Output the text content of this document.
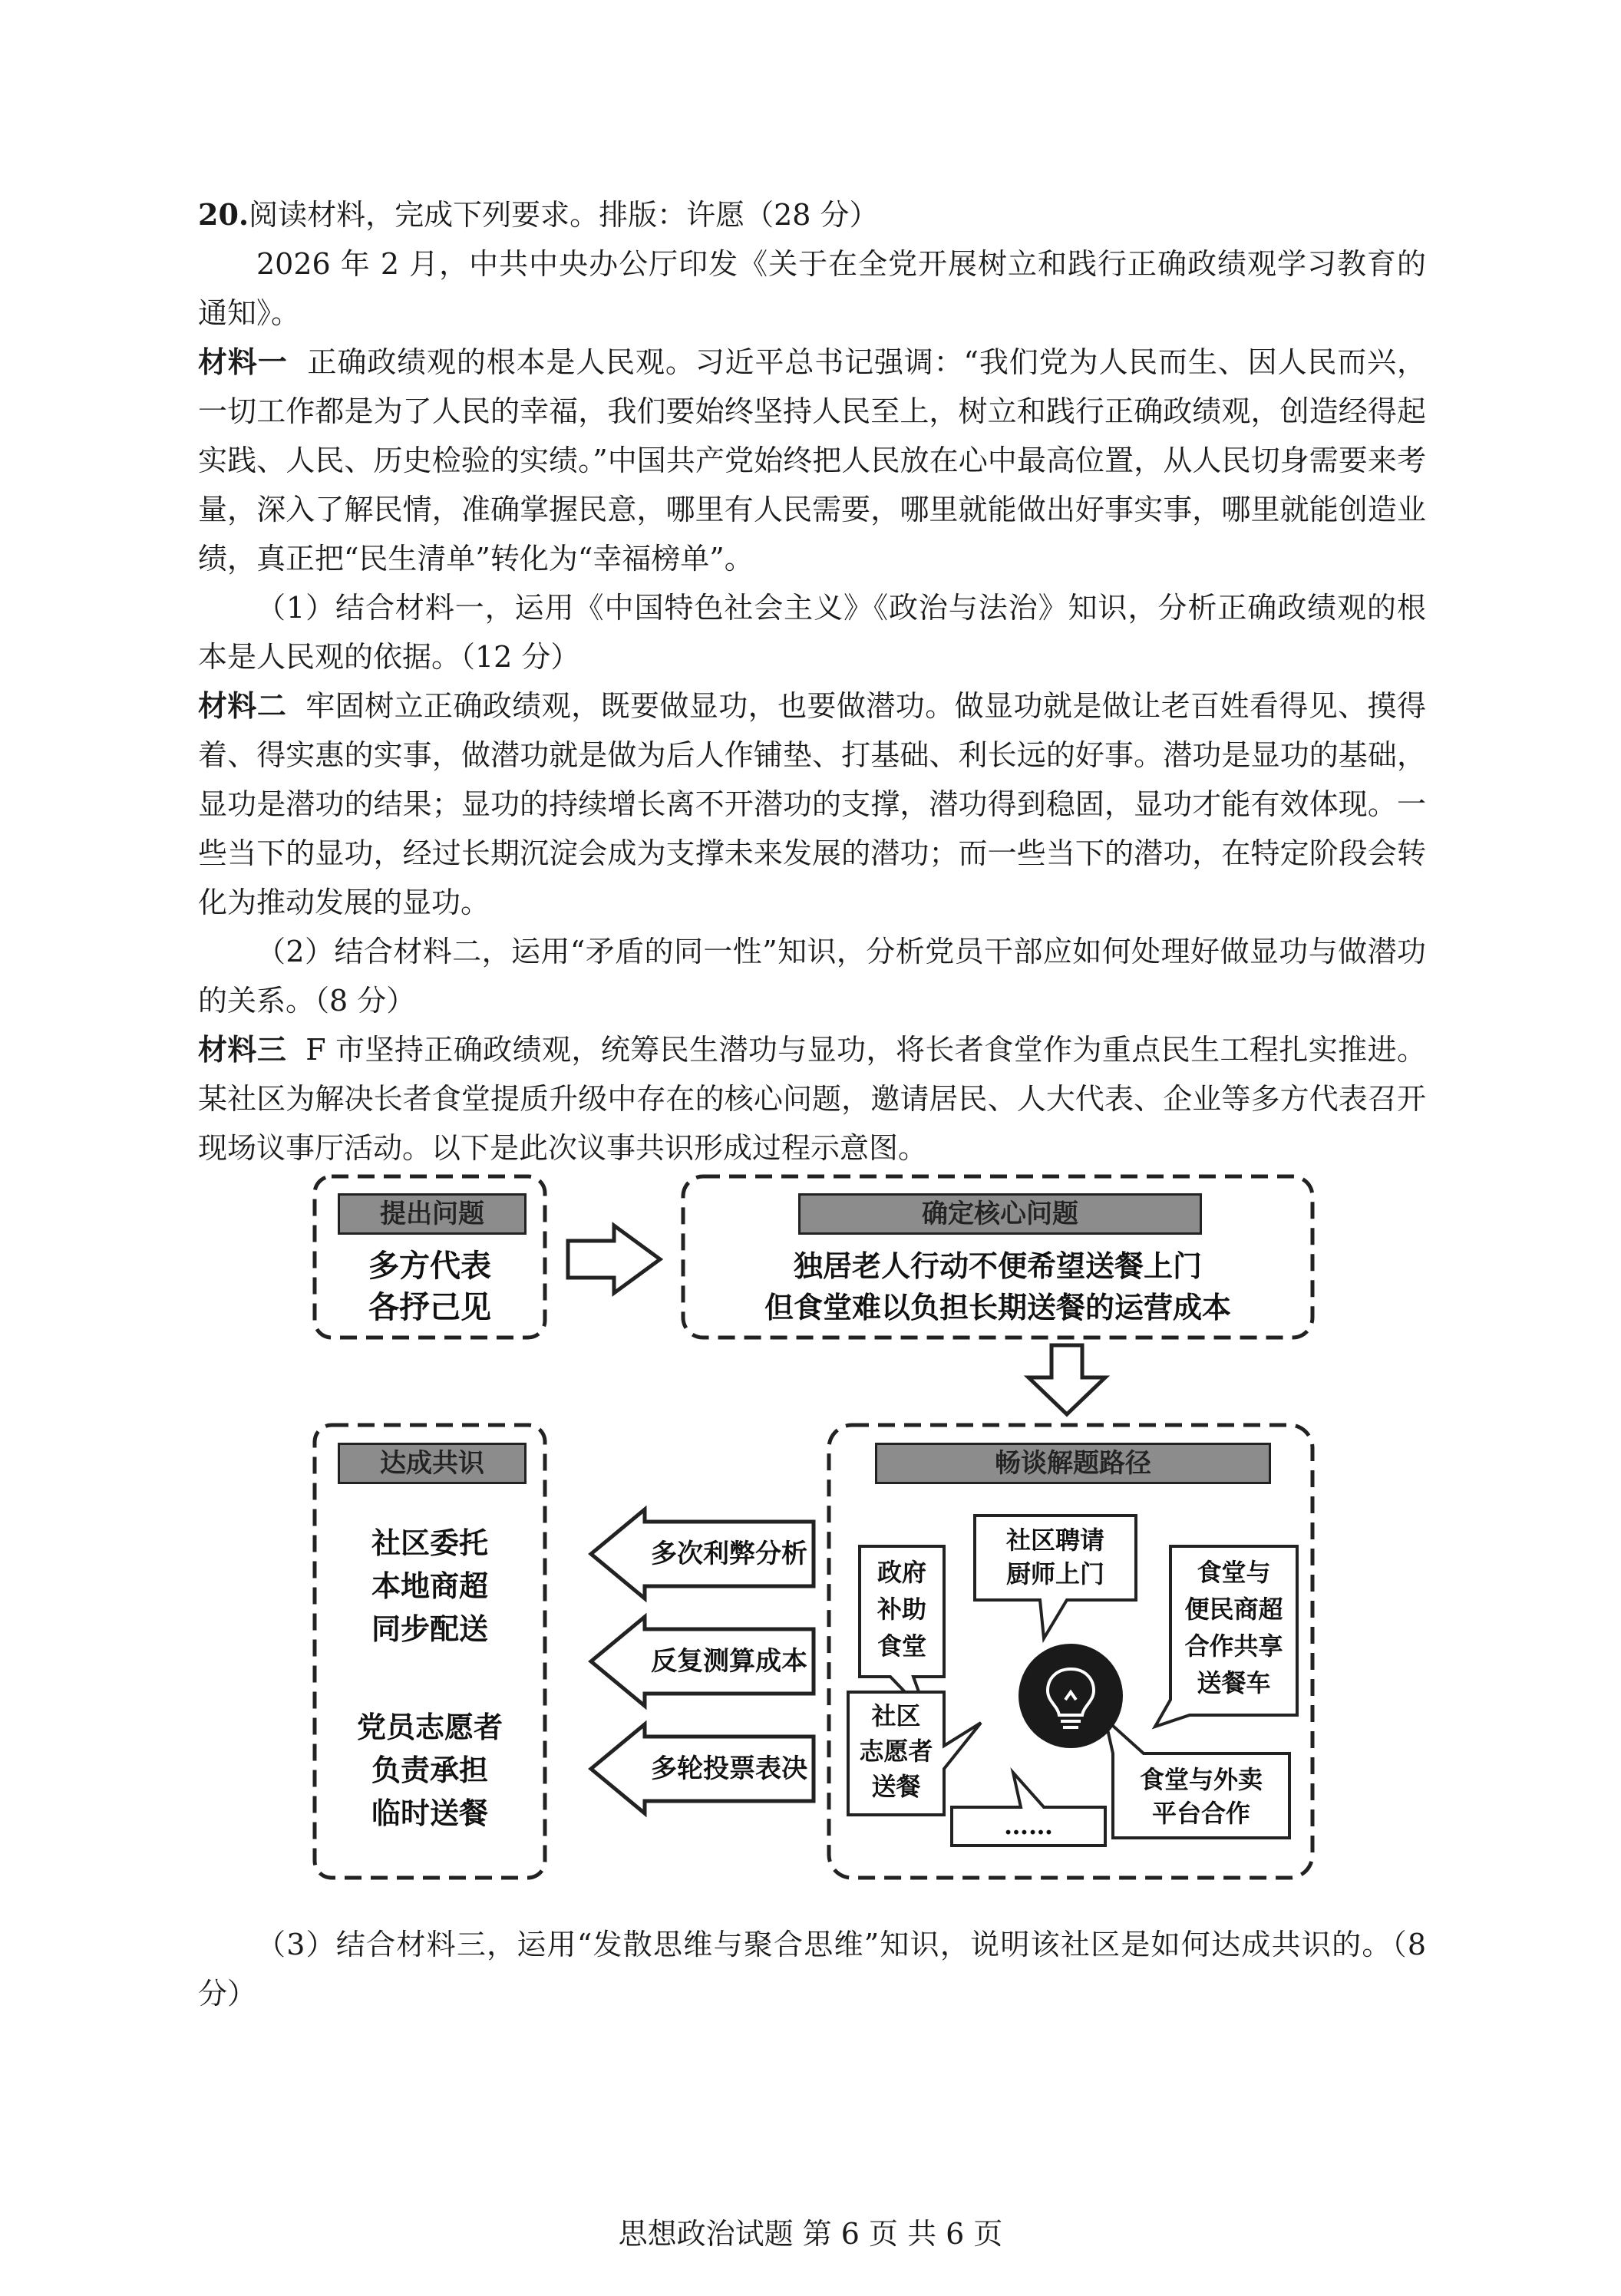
20.阅读材料，完成下列要求。排版：许愿（28 分）

2026 年 2 月，中共中央办公厅印发《关于在全党开展树立和践行正确政绩观学习教育的通知》。

材料一 正确政绩观的根本是人民观。习近平总书记强调：“我们党为人民而生、因人民而兴，一切工作都是为了人民的幸福，我们要始终坚持人民至上，树立和践行正确政绩观，创造经得起实践、人民、历史检验的实绩。”中国共产党始终把人民放在心中最高位置，从人民切身需要来考量，深入了解民情，准确掌握民意，哪里有人民需要，哪里就能做出好事实事，哪里就能创造业绩，真正把“民生清单”转化为“幸福榜单”。

（1）结合材料一，运用《中国特色社会主义》《政治与法治》知识，分析正确政绩观的根本是人民观的依据。（12 分）

材料二 牢固树立正确政绩观，既要做显功，也要做潜功。做显功就是做让老百姓看得见、摸得着、得实惠的实事，做潜功就是做为后人作铺垫、打基础、利长远的好事。潜功是显功的基础，显功是潜功的结果；显功的持续增长离不开潜功的支撑，潜功得到稳固，显功才能有效体现。一些当下的显功，经过长期沉淀会成为支撑未来发展的潜功；而一些当下的潜功，在特定阶段会转化为推动发展的显功。

（2）结合材料二，运用“矛盾的同一性”知识，分析党员干部应如何处理好做显功与做潜功的关系。（8 分）

材料三 F 市坚持正确政绩观，统筹民生潜功与显功，将长者食堂作为重点民生工程扎实推进。某社区为解决长者食堂提质升级中存在的核心问题，邀请居民、人大代表、企业等多方代表召开现场议事厅活动。以下是此次议事共识形成过程示意图。

提出问题	确定核心问题
达成共识	畅谈解题路径
多方代表
各抒己见
独居老人行动不便希望送餐上门
但食堂难以负担长期送餐的运营成本
社区委托
本地商超
同步配送
党员志愿者
负责承担
临时送餐
多次利弊分析
反复测算成本
多轮投票表决
政府
补助
食堂
社区聘请
厨师上门	食堂与
便民商超
合作共享
送餐车
社区
志愿者
送餐	食堂与外卖
平台合作
……

（3）结合材料三，运用“发散思维与聚合思维”知识，说明该社区是如何达成共识的。（8 分）

思想政治试题 第 6 页 共 6 页
